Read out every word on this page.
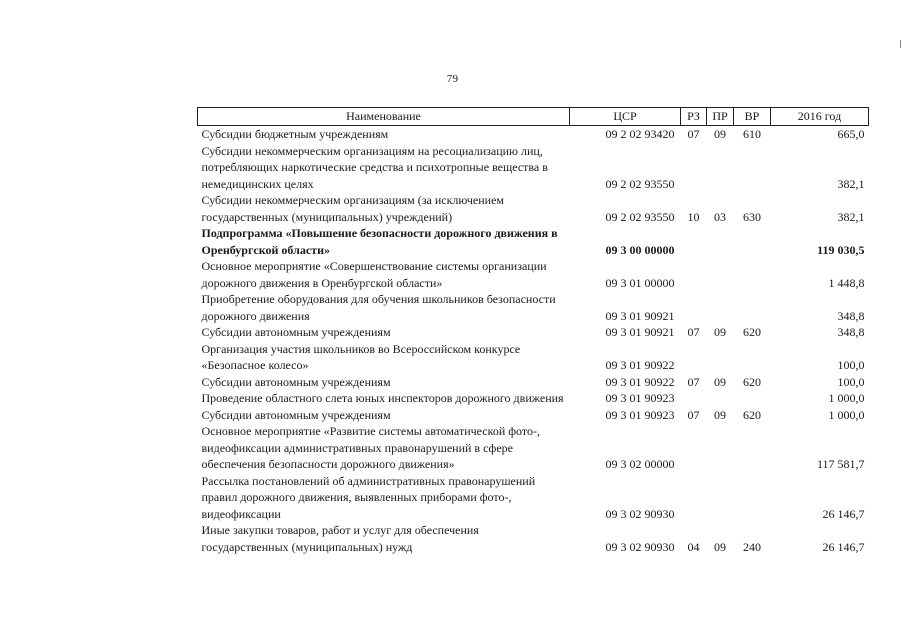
79
Наименование	ЦСР	РЗ	ПР	ВР	2016 год
Субсидии бюджетным учреждениям	09 2 02 93420	07	09	610	665,0
Субсидии некоммерческим организациям на ресоциализацию лиц, потребляющих наркотические средства и психотропные вещества в немедицинских целях	09 2 02 93550				382,1
Субсидии некоммерческим организациям (за исключением государственных (муниципальных) учреждений)	09 2 02 93550	10	03	630	382,1
Подпрограмма «Повышение безопасности дорожного движения в Оренбургской области»	09 3 00 00000				119 030,5
Основное мероприятие «Совершенствование системы организации дорожного движения в Оренбургской области»	09 3 01 00000				1 448,8
Приобретение оборудования для обучения школьников безопасности дорожного движения	09 3 01 90921				348,8
Субсидии автономным учреждениям	09 3 01 90921	07	09	620	348,8
Организация участия школьников во Всероссийском конкурсе «Безопасное колесо»	09 3 01 90922				100,0
Субсидии автономным учреждениям	09 3 01 90922	07	09	620	100,0
Проведение областного слета юных инспекторов дорожного движения	09 3 01 90923				1 000,0
Субсидии автономным учреждениям	09 3 01 90923	07	09	620	1 000,0
Основное мероприятие «Развитие системы автоматической фото-, видеофиксации административных правонарушений в сфере обеспечения безопасности дорожного движения»	09 3 02 00000				117 581,7
Рассылка постановлений об административных правонарушений правил дорожного движения, выявленных приборами фото-, видеофиксации	09 3 02 90930				26 146,7
Иные закупки товаров, работ и услуг для обеспечения государственных (муниципальных) нужд	09 3 02 90930	04	09	240	26 146,7
